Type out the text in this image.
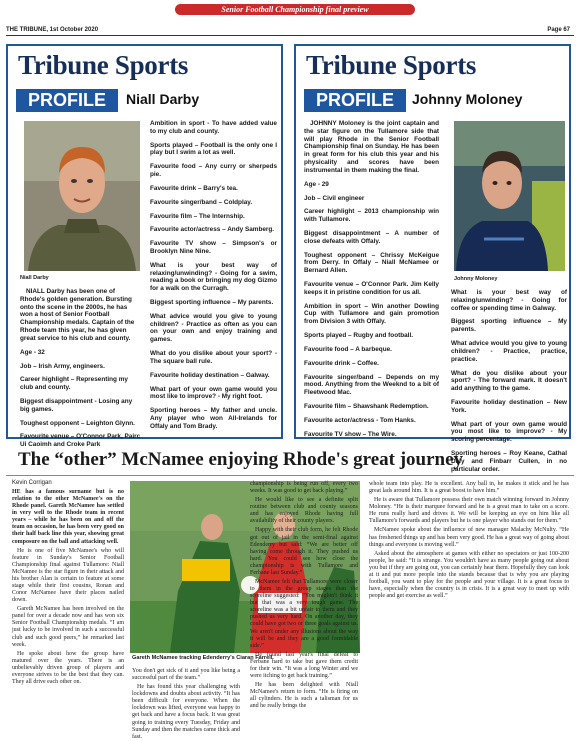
Senior Football Championship final preview
THE TRIBUNE, 1st October 2020	Page 67
Tribune Sports
PROFILE	Niall Darby
Niall Darby

NIALL Darby has been one of Rhode's golden generation. Bursting onto the scene in the 2000s, he has won a host of Senior Football Championship medals. Captain of the Rhode team this year, he has given great service to his club and county.

Age - 32

Job – Irish Army, engineers.

Career highlight – Representing my club and county.

Biggest disappointment - Losing any big games.

Toughest opponent – Leighton Glynn.

Favourite venue – O'Connor Park, Pairc Ui Caoimh and Croke Park

Ambition in sport - To have added value to my club and county.

Sports played – Football is the only one I play but I swim a lot as well.

Favourite food – Any curry or sherpeds pie.

Favourite drink – Barry's tea.

Favourite singer/band – Coldplay.

Favourite film – The Internship.

Favourite actor/actress – Andy Samberg.

Favourite TV show – Simpson's or Brooklyn Nine Nine.

What is your best way of relaxing/unwinding? - Going for a swim, reading a book or bringing my dog Gizmo for a walk on the Curragh.

Biggest sporting influence – My parents.

What advice would you give to young children? - Practice as often as you can on your own and enjoy training and games.

What do you dislike about your sport? - The square ball rule.

Favourite holiday destination – Galway.

What part of your own game would you most like to improve? - My right foot.

Sporting heroes – My father and uncle. Any player who won All-Irelands for Offaly and Tom Brady.

Tribune Sports
PROFILE	Johnny Moloney

JOHNNY Moloney is the joint captain and the star figure on the Tullamore side that will play Rhode in the Senior Football Championship final on Sunday. He has been in great form for his club this year and his physicality and scores have been instrumental in them making the final.

Age - 29

Job – Civil engineer

Career highlight – 2013 championship win with Tullamore.

Biggest disappointment – A number of close defeats with Offaly.

Toughest opponent – Chrissy McKeigue from Derry. In Offaly – Niall McNamee or Bernard Allen.

Favourite venue – O'Connor Park. Jim Kelly keeps it in pristine condition for us all.

Ambition in sport – Win another Dowling Cup with Tullamore and gain promotion from Division 3 with Offaly.

Sports played – Rugby and football.

Favourite food – A barbeque.

Favourite drink – Coffee.

Favourite singer/band – Depends on my mood. Anything from the Weeknd to a bit of Fleetwood Mac.

Favourite film – Shawshank Redemption.

Favourite actor/actress - Tom Hanks.

Favourite TV show – The Wire.

Johnny Moloney

What is your best way of relaxing/unwinding? - Going for coffee or spending time in Galway.

Biggest sporting influence – My parents.

What advice would you give to young children? - Practice, practice, practice.

What do you dislike about your sport? - The forward mark. It doesn't add anything to the game.

Favourite holiday destination – New York.

What part of your own game would you most like to improve? - My scoring percentage.

Sporting heroes – Roy Keane, Cathal Daly and Finbarr Cullen, in no particular order.

The “other” McNamee enjoying Rhode's great journey
Kevin Corrigan

HE has a famous surname but is no relation to the other McNamee's on the Rhode panel. Gareth McNamee has settled in very well to the Rhode team in recent years – while he has been on and off the team on occasion, he has been very good on their half back line this year, showing great composure on the ball and attacking well.

He is one of five McNamee's who will feature in Sunday's Senior Football Championship final against Tullamore: Niall McNamee is the star figure in their attack and his brother Alan is certain to feature at some stage while their first cousins, Ronan and Conor McNamee have their places nailed down.

Gareth McNamee has been involved on the panel for over a decade now and has won six Senior Football Championship medals. “I am just lucky to be involved in such a successful club and such good peers,” he remarked last week.

He spoke about how the group have matured over the years. There is an unbelievably driven group of players and everyone strives to be the best that they can. They all drive each other on.

Gareth McNamee tracking Edenderry's Ciaran Farrell.

You don't get sick of it and you like being a successful part of the team.”

He has found this year challenging with lockdowns and doubts about activity. “It has been difficult for everyone. When the lockdown was lifted, everyone was happy to get back and have a focus back. It was great going to training every Tuesday, Friday and Sunday and then the matches came thick and fast.

championship is being run off, every two weeks. It was good to get back playing.”

He would like to see a definite split routine between club and county seasons and has enjoyed Rhode having full availability of their county players.

Happy with their club form, he felt Rhode got out of jail in the semi-final against Edenderry but said: “We are better off having come through it. They pushed us hard. You could see how close the championship is with Tullamore and Ferbane last Sunday.”

McNamee felt that Tullamore were closer to them in the group stages than the scoreline suggested: “You mightn't think it but that was a very tough game. The scoreline was a bit unfair to them and they pushed us very hard. On another day, they could have got two or three goals against us. We aren't under any illusions about the way it will be and they are a good formidable side.”

He found last year's final defeat to Ferbane hard to take but gave them credit for their win. “It was a long Winter and we were itching to get back training.”

He has been delighted with Niall McNamee's return to form. “He is firing on all cylinders. He is such a talisman for us and he really brings the

whole team into play. He is excellent. Any ball in, he makes it stick and he has great lads around him. It is a great boost to have him.”

He is aware that Tullamore possess their own match winning forward in Johnny Moloney. “He is their marquee forward and he is a great man to take on a score. He runs really hard and drives it. We will be keeping an eye on him like all Tullamore's forwards and players but he is one player who stands out for them.”

McNamee spoke about the influence of new manager Malachy McNulty. “He has freshened things up and has been very good. He has a great way of going about things and everyone is moving well.”

Asked about the atmosphere at games with either no spectators or just 100-200 people, he said: “It is strange. You wouldn't have as many people going out about you but if they are going out, you can certainly hear them. Hopefully they can look at it and put more people into the stands because that is why you are playing football, you want to play for the people and your village. It is a great focus to have, especially when the country is in crisis. It is a great way to meet up with people and get exercise as well.”
